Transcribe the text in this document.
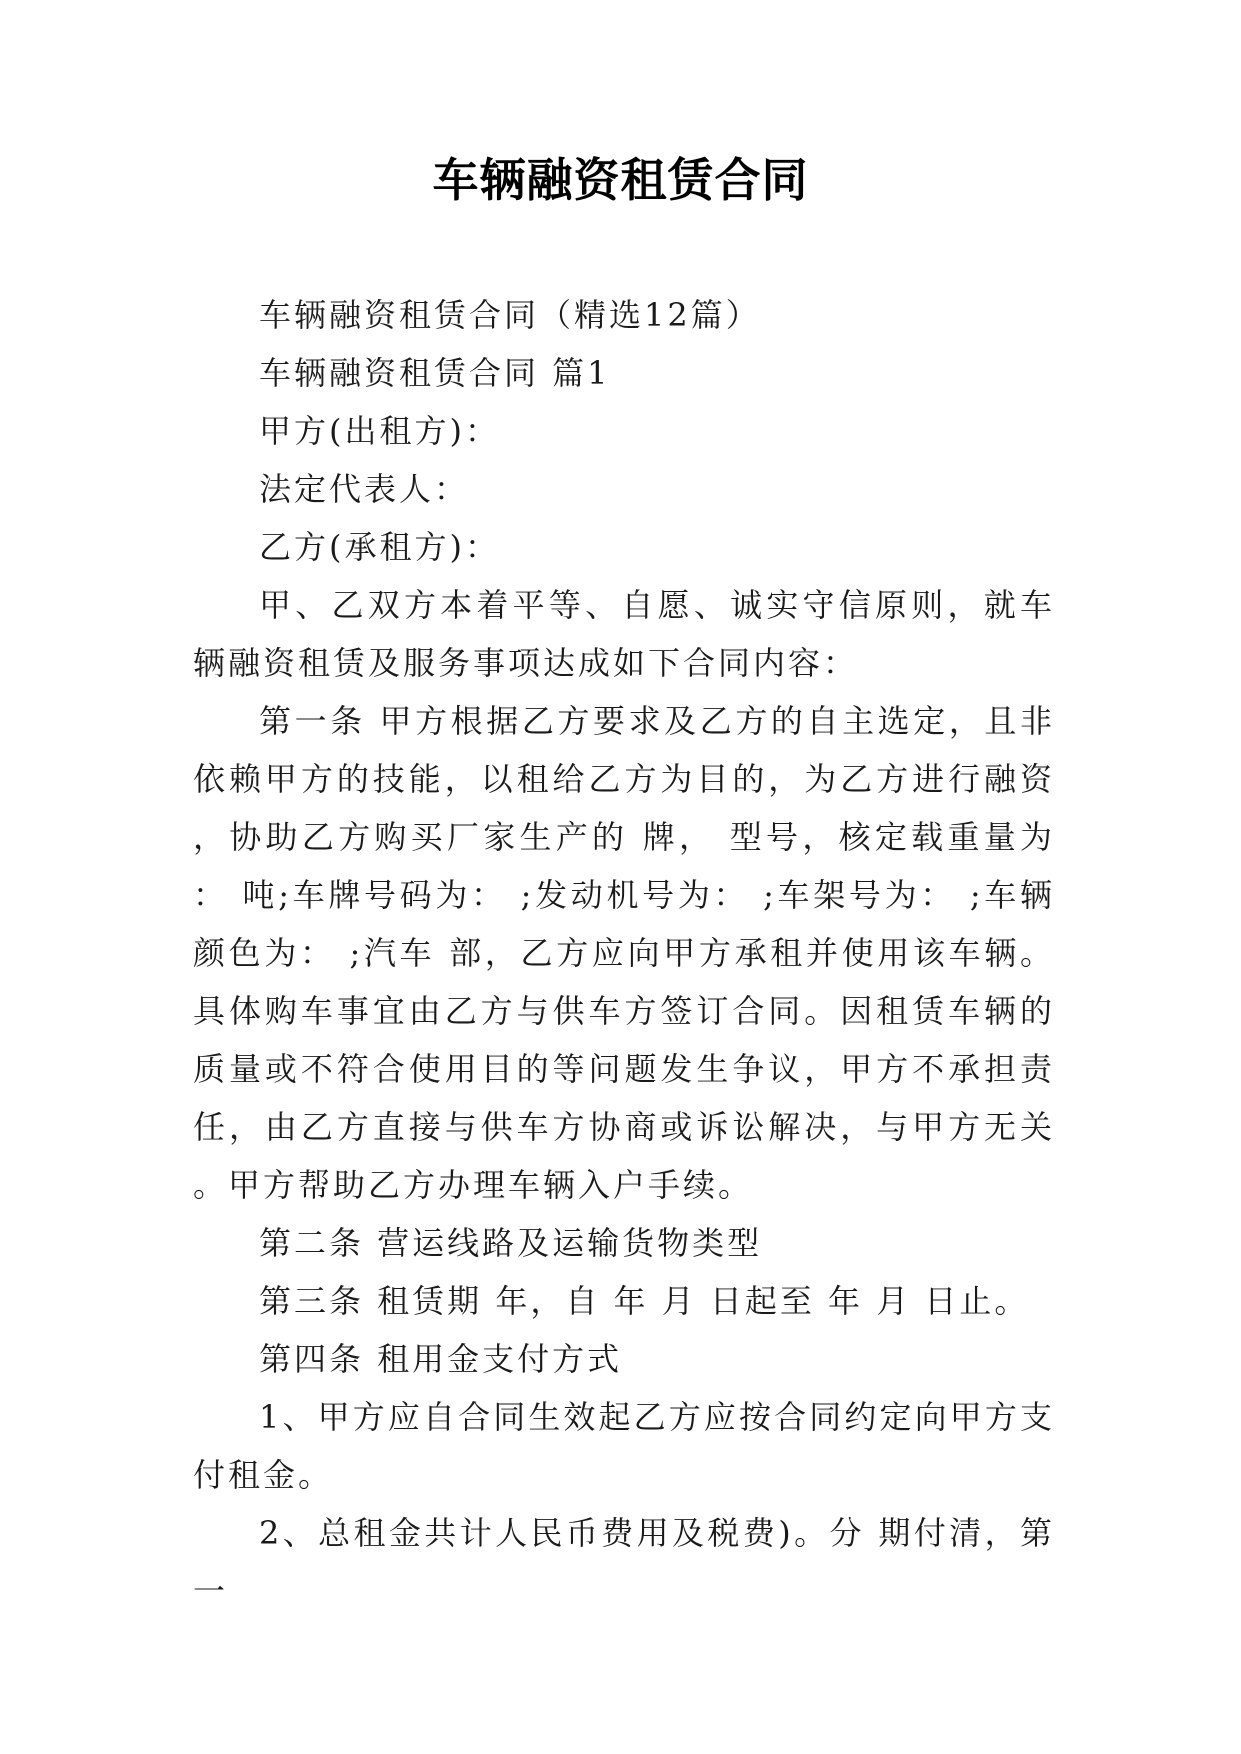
车辆融资租赁合同

车辆融资租赁合同（精选12篇）

车辆融资租赁合同 篇1

甲方(出租方)：

法定代表人：

乙方(承租方)：

甲、乙双方本着平等、自愿、诚实守信原则，就车辆融资租赁及服务事项达成如下合同内容：

第一条 甲方根据乙方要求及乙方的自主选定，且非依赖甲方的技能，以租给乙方为目的，为乙方进行融资，协助乙方购买厂家生产的 牌， 型号，核定载重量为： 吨;车牌号码为： ;发动机号为： ;车架号为： ;车辆颜色为： ;汽车 部，乙方应向甲方承租并使用该车辆。具体购车事宜由乙方与供车方签订合同。因租赁车辆的质量或不符合使用目的等问题发生争议，甲方不承担责任，由乙方直接与供车方协商或诉讼解决，与甲方无关。甲方帮助乙方办理车辆入户手续。

第二条 营运线路及运输货物类型

第三条 租赁期 年，自 年 月 日起至 年 月 日止。

第四条 租用金支付方式

1、甲方应自合同生效起乙方应按合同约定向甲方支付租金。

2、总租金共计人民币费用及税费)。分 期付清，第一
